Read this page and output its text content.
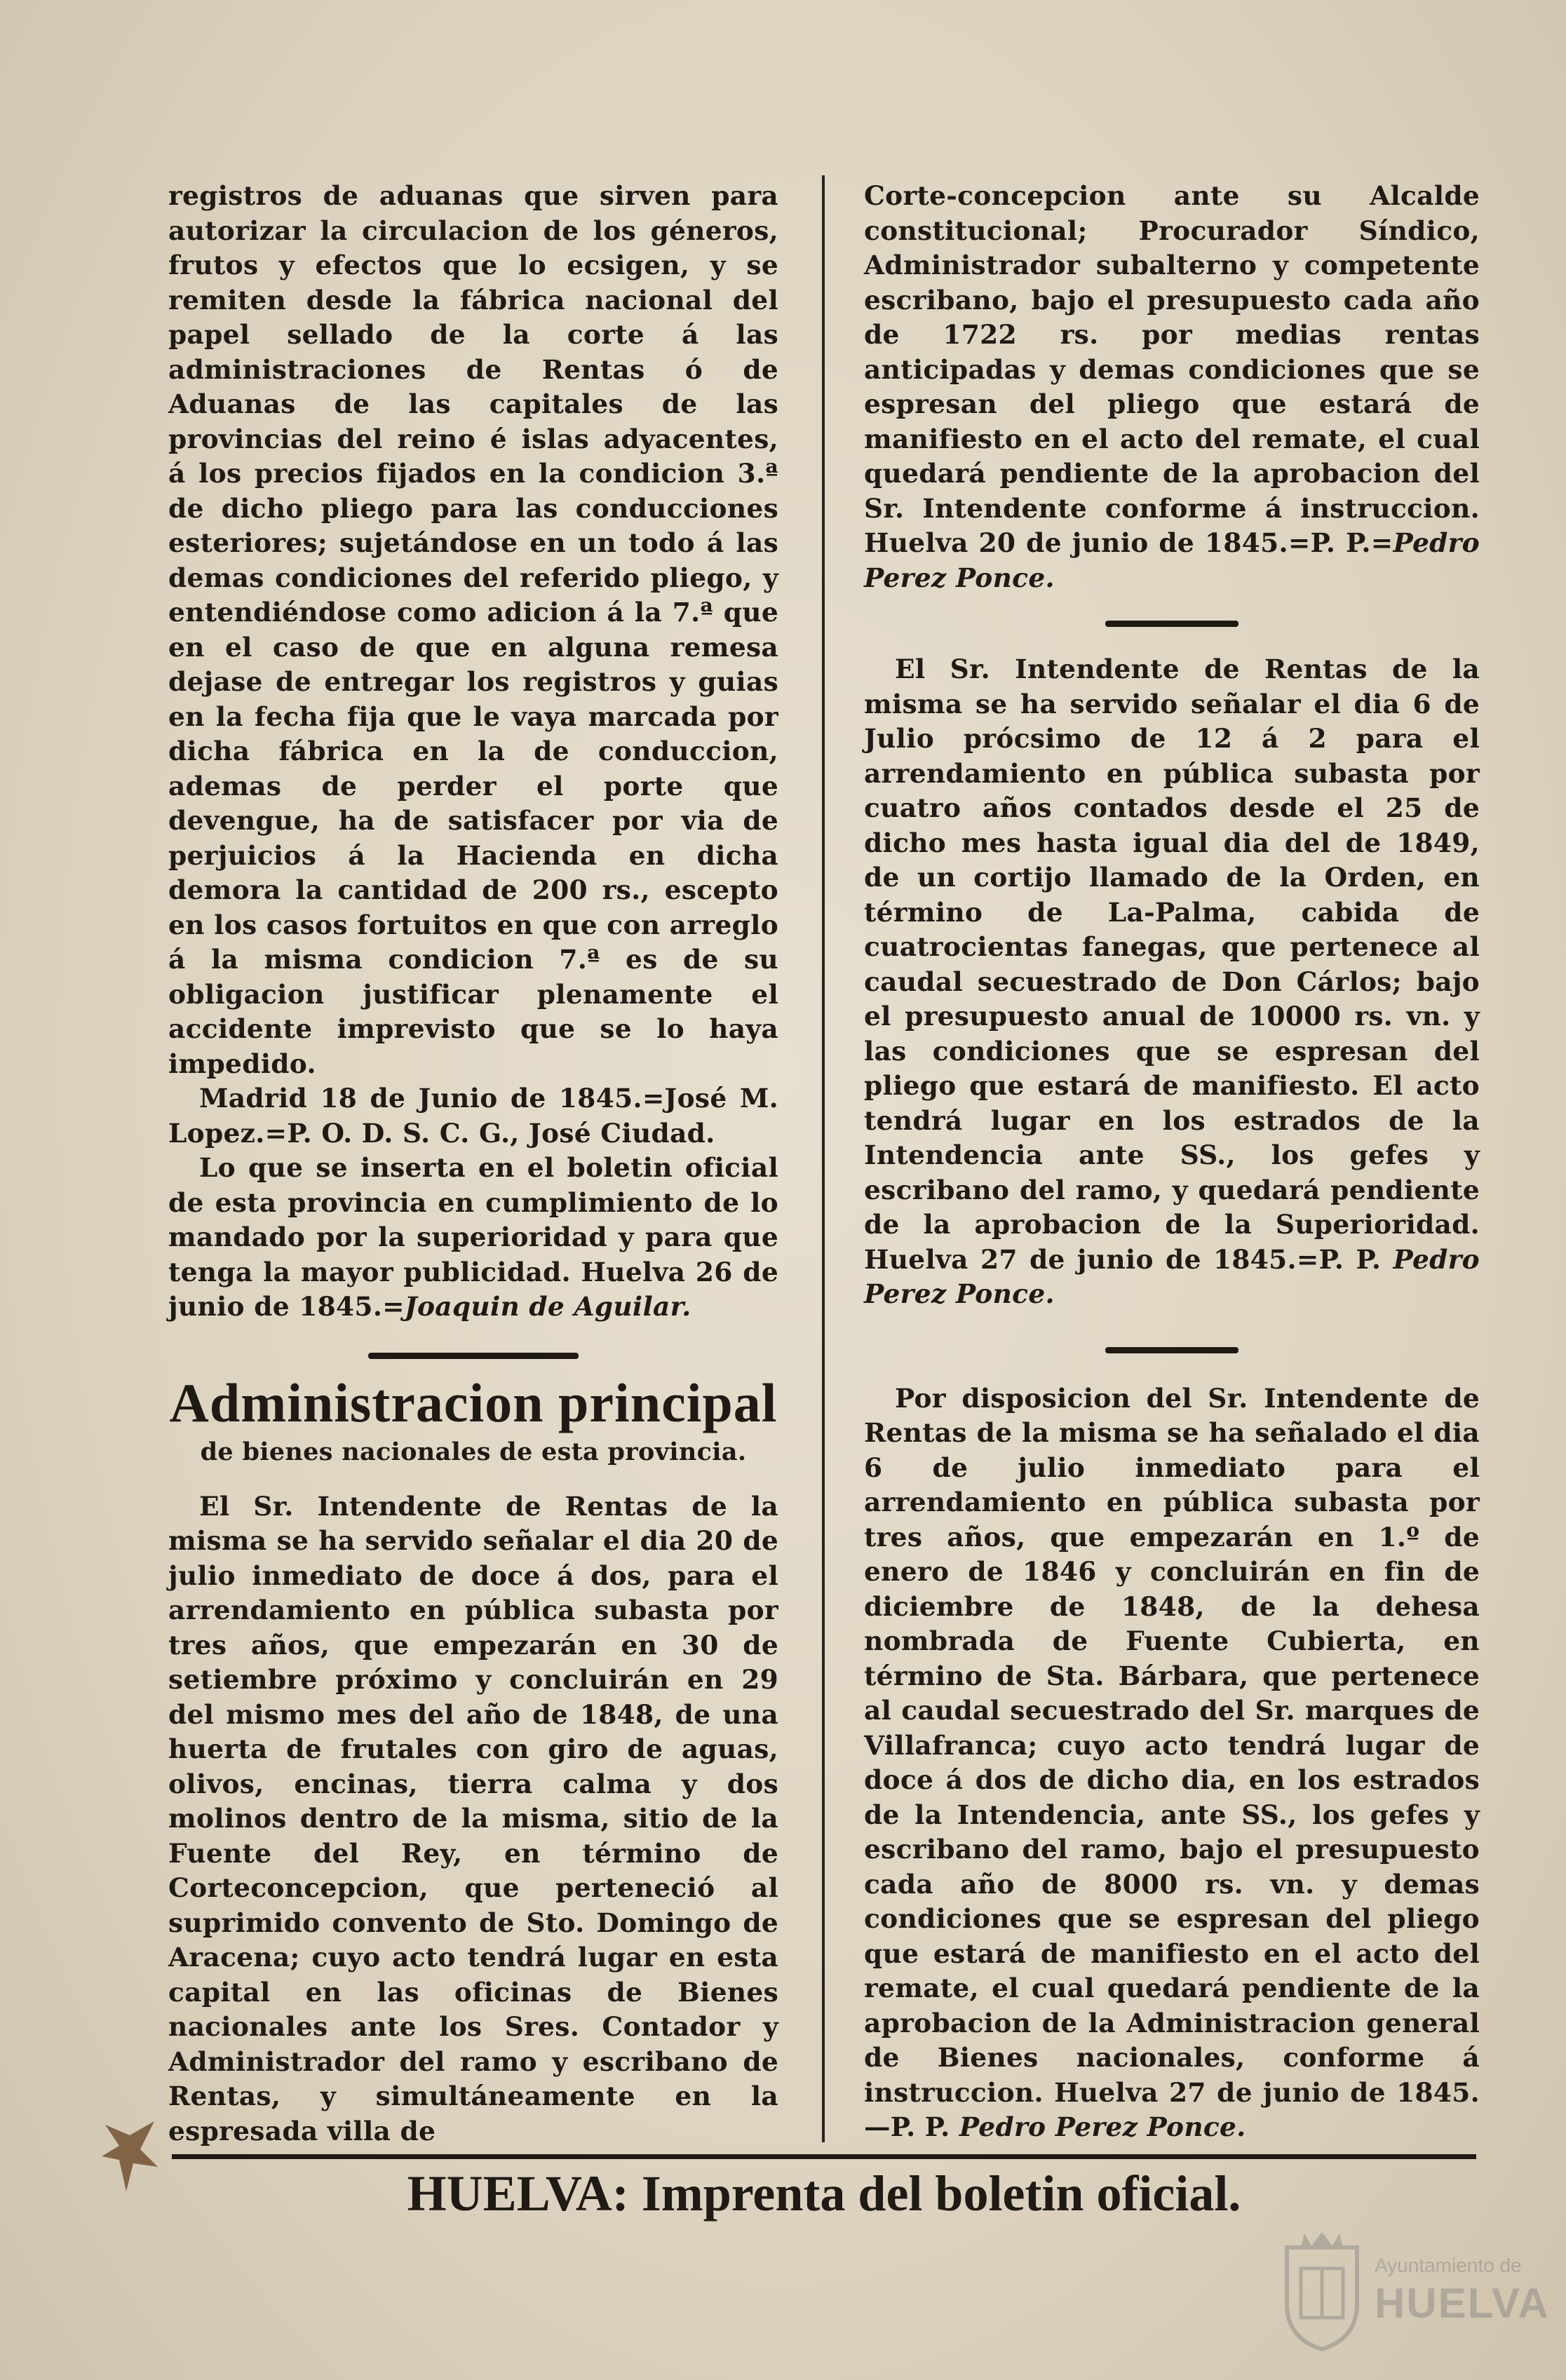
registros de aduanas que sirven para autorizar la circulacion de los géneros, frutos y efectos que lo ecsigen, y se remiten desde la fábrica nacional del papel sellado de la corte á las administraciones de Rentas ó de Aduanas de las capitales de las provincias del reino é islas adyacentes, á los precios fijados en la condicion 3.ª de dicho pliego para las conducciones esteriores; sujetándose en un todo á las demas condiciones del referido pliego, y entendiéndose como adicion á la 7.ª que en el caso de que en alguna remesa dejase de entregar los registros y guias en la fecha fija que le vaya marcada por dicha fábrica en la de conduccion, ademas de perder el porte que devengue, ha de satisfacer por via de perjuicios á la Hacienda en dicha demora la cantidad de 200 rs., escepto en los casos fortuitos en que con arreglo á la misma condicion 7.ª es de su obligacion justificar plenamente el accidente imprevisto que se lo haya impedido.

Madrid 18 de Junio de 1845.=José M. Lopez.=P. O. D. S. C. G., José Ciudad.

Lo que se inserta en el boletin oficial de esta provincia en cumplimiento de lo mandado por la superioridad y para que tenga la mayor publicidad. Huelva 26 de junio de 1845.=Joaquin de Aguilar.

Administracion principal
de bienes nacionales de esta provincia.

El Sr. Intendente de Rentas de la misma se ha servido señalar el dia 20 de julio inmediato de doce á dos, para el arrendamiento en pública subasta por tres años, que empezarán en 30 de setiembre próximo y concluirán en 29 del mismo mes del año de 1848, de una huerta de frutales con giro de aguas, olivos, encinas, tierra calma y dos molinos dentro de la misma, sitio de la Fuente del Rey, en término de Corteconcepcion, que perteneció al suprimido convento de Sto. Domingo de Aracena; cuyo acto tendrá lugar en esta capital en las oficinas de Bienes nacionales ante los Sres. Contador y Administrador del ramo y escribano de Rentas, y simultáneamente en la espresada villa de

Corte-concepcion ante su Alcalde constitucional; Procurador Síndico, Administrador subalterno y competente escribano, bajo el presupuesto cada año de 1722 rs. por medias rentas anticipadas y demas condiciones que se espresan del pliego que estará de manifiesto en el acto del remate, el cual quedará pendiente de la aprobacion del Sr. Intendente conforme á instruccion. Huelva 20 de junio de 1845.=P. P.=Pedro Perez Ponce.

El Sr. Intendente de Rentas de la misma se ha servido señalar el dia 6 de Julio prócsimo de 12 á 2 para el arrendamiento en pública subasta por cuatro años contados desde el 25 de dicho mes hasta igual dia del de 1849, de un cortijo llamado de la Orden, en término de La-Palma, cabida de cuatrocientas fanegas, que pertenece al caudal secuestrado de Don Cárlos; bajo el presupuesto anual de 10000 rs. vn. y las condiciones que se espresan del pliego que estará de manifiesto. El acto tendrá lugar en los estrados de la Intendencia ante SS., los gefes y escribano del ramo, y quedará pendiente de la aprobacion de la Superioridad. Huelva 27 de junio de 1845.=P. P. Pedro Perez Ponce.

Por disposicion del Sr. Intendente de Rentas de la misma se ha señalado el dia 6 de julio inmediato para el arrendamiento en pública subasta por tres años, que empezarán en 1.º de enero de 1846 y concluirán en fin de diciembre de 1848, de la dehesa nombrada de Fuente Cubierta, en término de Sta. Bárbara, que pertenece al caudal secuestrado del Sr. marques de Villafranca; cuyo acto tendrá lugar de doce á dos de dicho dia, en los estrados de la Intendencia, ante SS., los gefes y escribano del ramo, bajo el presupuesto cada año de 8000 rs. vn. y demas condiciones que se espresan del pliego que estará de manifiesto en el acto del remate, el cual quedará pendiente de la aprobacion de la Administracion general de Bienes nacionales, conforme á instruccion. Huelva 27 de junio de 1845.—P. P. Pedro Perez Ponce.

HUELVA: Imprenta del boletin oficial.
Ayuntamiento de
HUELVA
